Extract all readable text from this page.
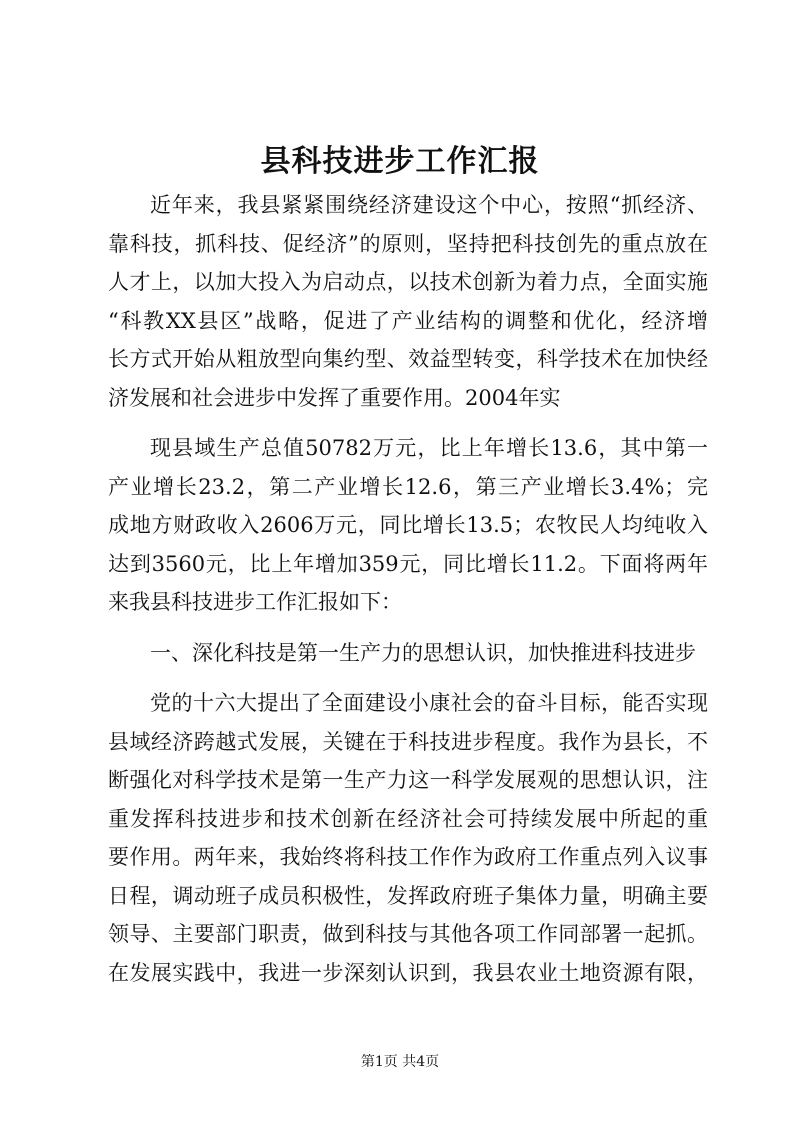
县科技进步工作汇报
近年来，我县紧紧围绕经济建设这个中心，按照“抓经济、
靠科技，抓科技、促经济”的原则，坚持把科技创先的重点放在
人才上，以加大投入为启动点，以技术创新为着力点，全面实施
“科教XX县区”战略，促进了产业结构的调整和优化，经济增
长方式开始从粗放型向集约型、效益型转变，科学技术在加快经
济发展和社会进步中发挥了重要作用。2004年实
现县域生产总值50782万元，比上年增长13.6，其中第一
产业增长23.2，第二产业增长12.6，第三产业增长3.4%；完
成地方财政收入2606万元，同比增长13.5；农牧民人均纯收入
达到3560元，比上年增加359元，同比增长11.2。下面将两年
来我县科技进步工作汇报如下：
一、深化科技是第一生产力的思想认识，加快推进科技进步
党的十六大提出了全面建设小康社会的奋斗目标，能否实现
县域经济跨越式发展，关键在于科技进步程度。我作为县长，不
断强化对科学技术是第一生产力这一科学发展观的思想认识，注
重发挥科技进步和技术创新在经济社会可持续发展中所起的重
要作用。两年来，我始终将科技工作作为政府工作重点列入议事
日程，调动班子成员积极性，发挥政府班子集体力量，明确主要
领导、主要部门职责，做到科技与其他各项工作同部署一起抓。
在发展实践中，我进一步深刻认识到，我县农业土地资源有限，
第1页 共4页
